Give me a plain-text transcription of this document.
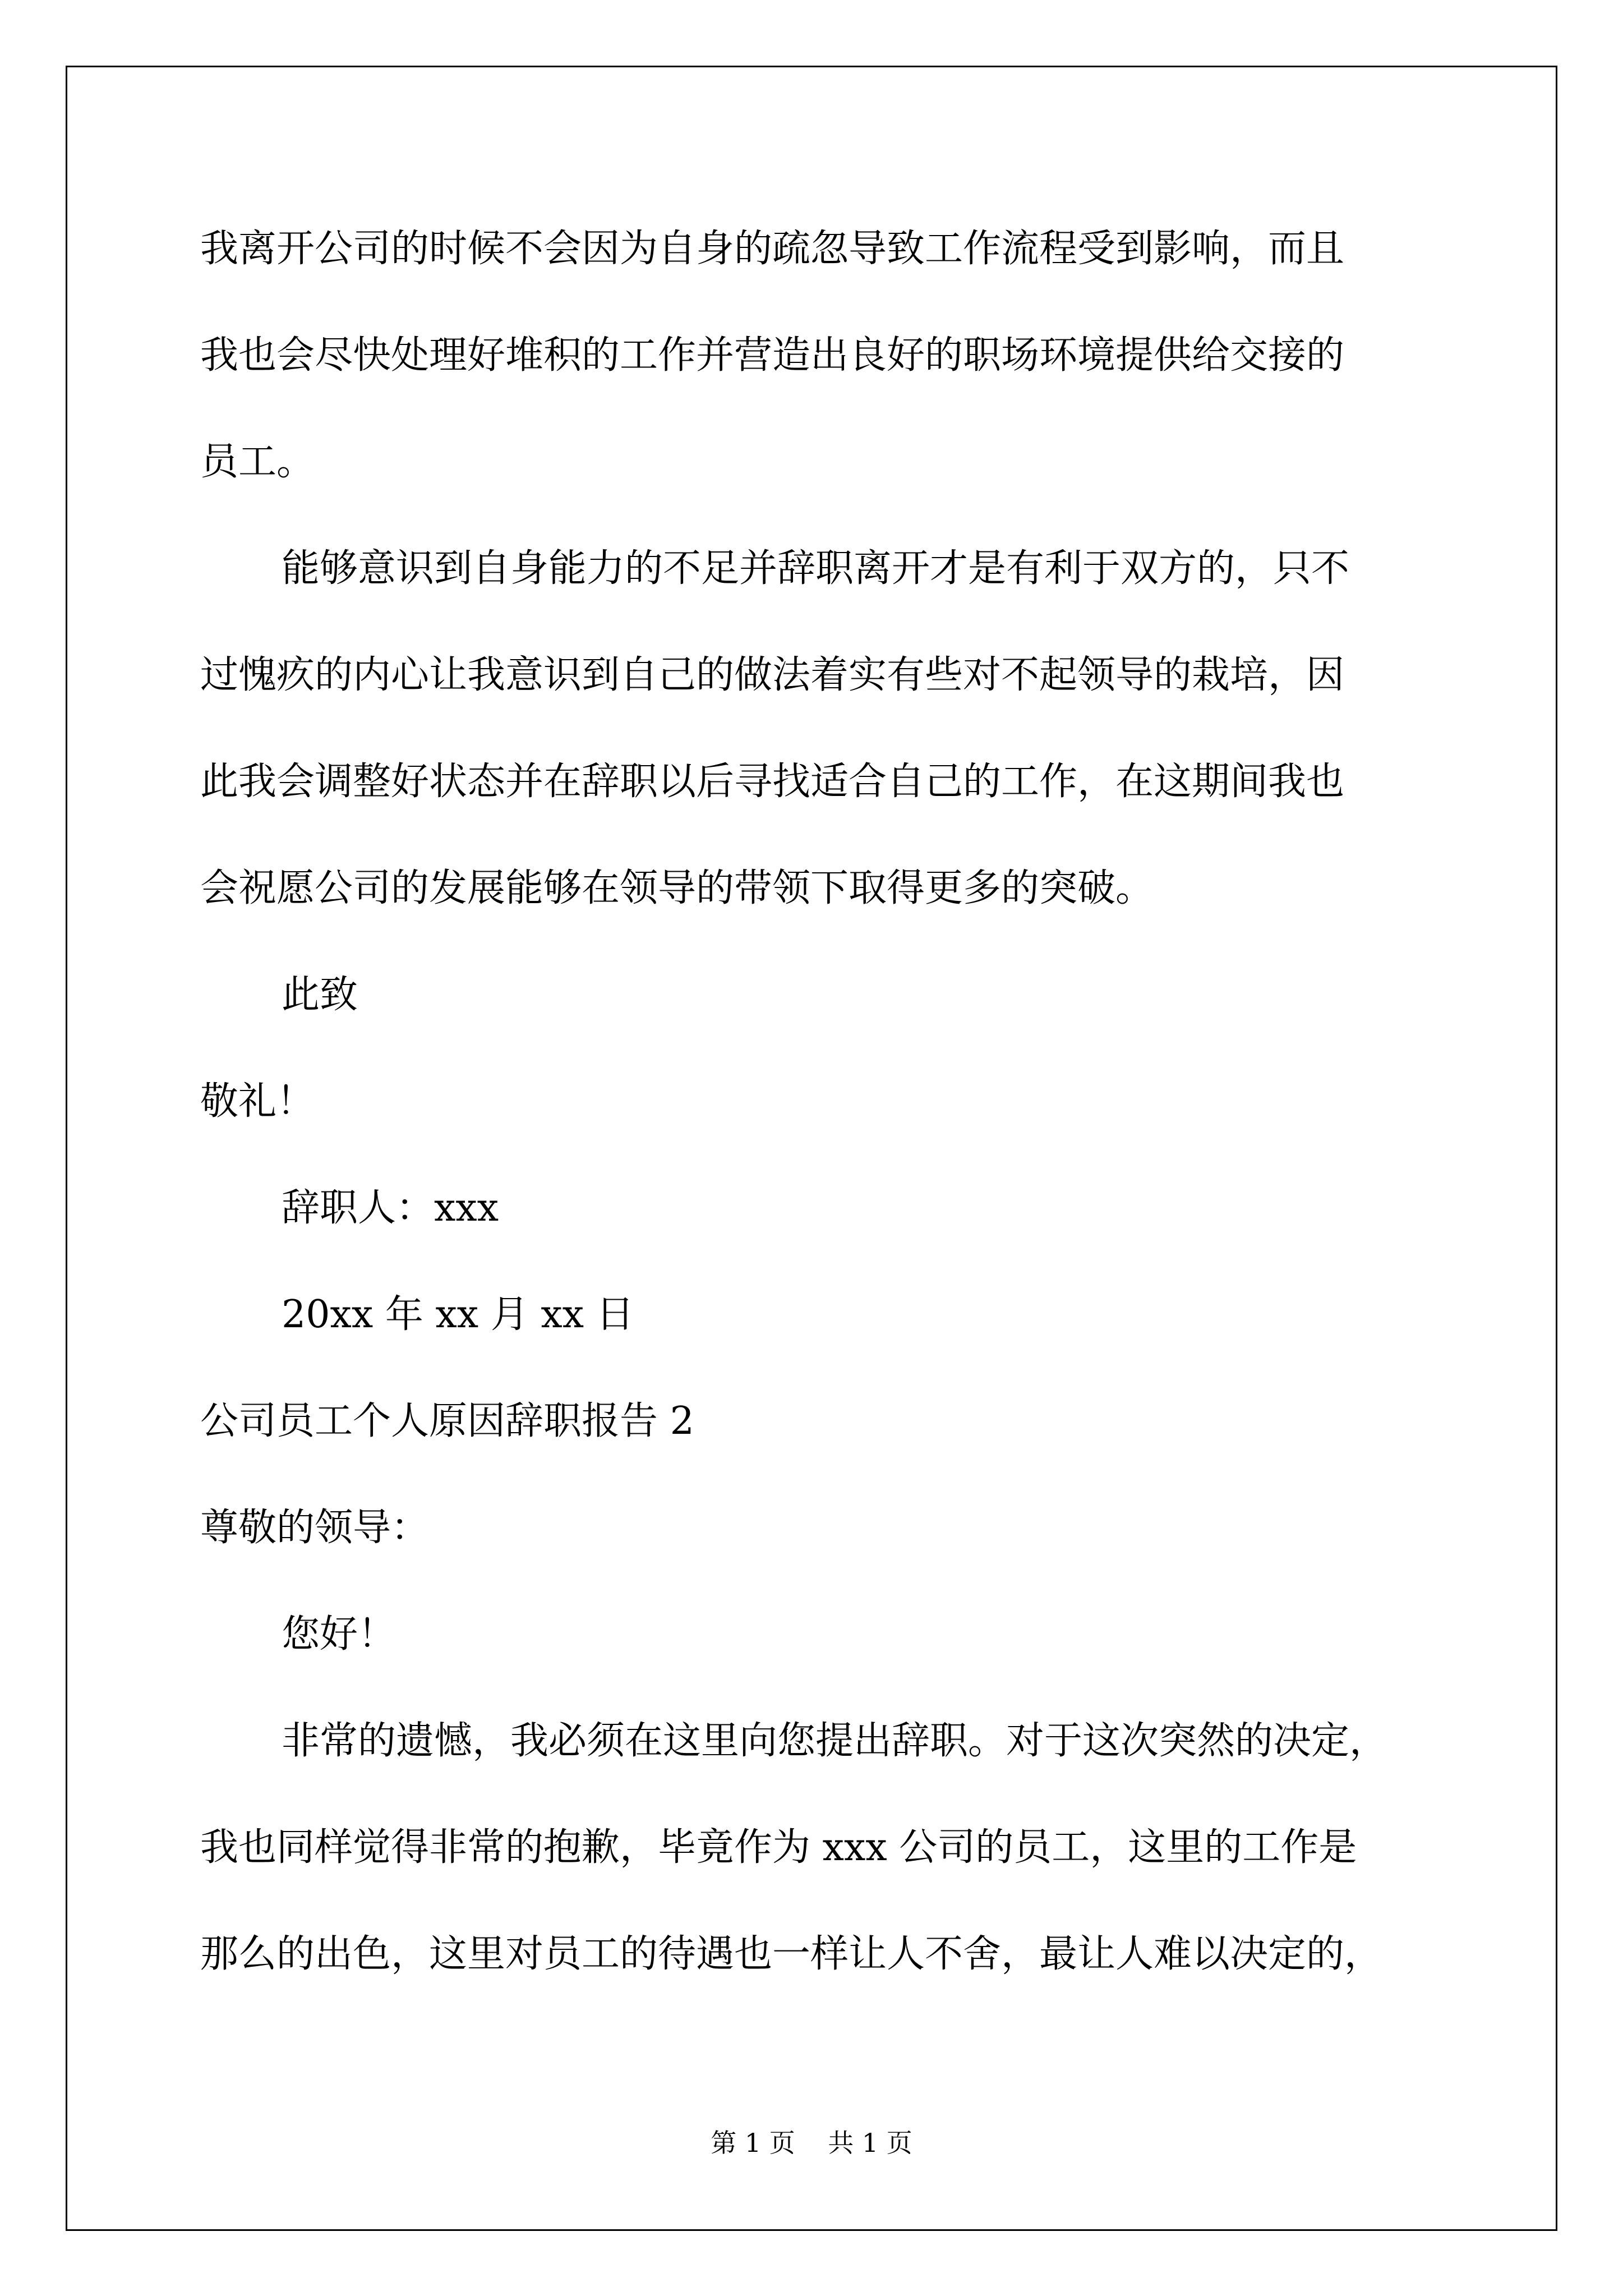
我离开公司的时候不会因为自身的疏忽导致工作流程受到影响，而且
我也会尽快处理好堆积的工作并营造出良好的职场环境提供给交接的
员工。
能够意识到自身能力的不足并辞职离开才是有利于双方的，只不
过愧疚的内心让我意识到自己的做法着实有些对不起领导的栽培，因
此我会调整好状态并在辞职以后寻找适合自己的工作，在这期间我也
会祝愿公司的发展能够在领导的带领下取得更多的突破。
此致
敬礼！
辞职人：xxx
20xx 年 xx 月 xx 日
公司员工个人原因辞职报告 2
尊敬的领导：
您好！
非常的遗憾，我必须在这里向您提出辞职。对于这次突然的决定，
我也同样觉得非常的抱歉，毕竟作为 xxx 公司的员工，这里的工作是
那么的出色，这里对员工的待遇也一样让人不舍，最让人难以决定的，
第 1 页    共 1 页
